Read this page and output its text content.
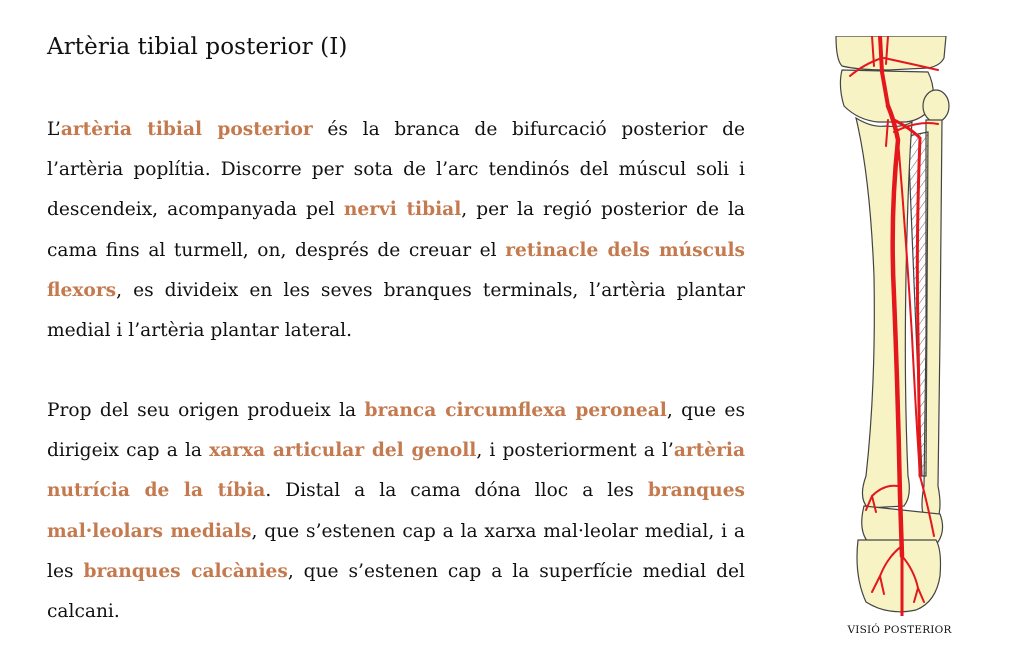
Artèria tibial posterior (I)

L’artèria tibial posterior és la branca de bifurcació posterior de l’artèria poplítia. Discorre per sota de l’arc tendinós del múscul soli i descendeix, acompanyada pel nervi tibial, per la regió posterior de la cama fins al turmell, on, després de creuar el retinacle dels músculs flexors, es divideix en les seves branques terminals, l’artèria plantar medial i l’artèria plantar lateral.

Prop del seu origen produeix la branca circumflexa peroneal, que es dirigeix cap a la xarxa articular del genoll, i posteriorment a l’artèria nutrícia de la tíbia. Distal a la cama dóna lloc a les branques mal·leolars medials, que s’estenen cap a la xarxa mal·leolar medial, i a les branques calcànies, que s’estenen cap a la superfície medial del calcani.

VISIÓ POSTERIOR
